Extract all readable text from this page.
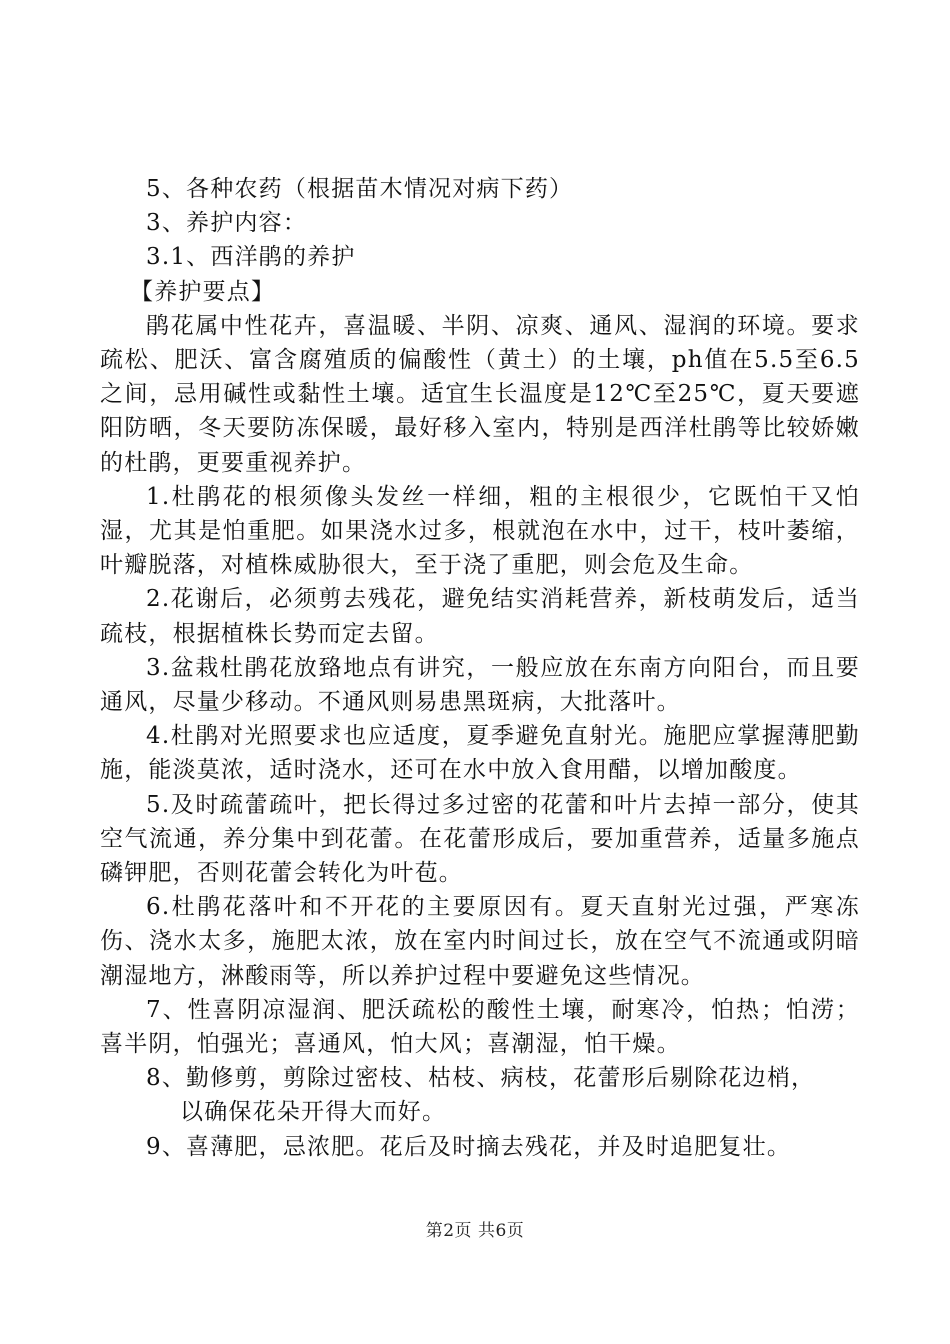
5、各种农药（根据苗木情况对病下药）

3、养护内容：

3.1、西洋鹃的养护

【养护要点】

鹃花属中性花卉，喜温暖、半阴、凉爽、通风、湿润的环境。要求疏松、肥沃、富含腐殖质的偏酸性（黄土）的土壤，ph值在5.5至6.5之间，忌用碱性或黏性土壤。适宜生长温度是12℃至25℃，夏天要遮阳防晒，冬天要防冻保暖，最好移入室内，特别是西洋杜鹃等比较娇嫩的杜鹃，更要重视养护。

1.杜鹃花的根须像头发丝一样细，粗的主根很少，它既怕干又怕湿，尤其是怕重肥。如果浇水过多，根就泡在水中，过干，枝叶萎缩，叶瓣脱落，对植株威胁很大，至于浇了重肥，则会危及生命。

2.花谢后，必须剪去残花，避免结实消耗营养，新枝萌发后，适当疏枝，根据植株长势而定去留。

3.盆栽杜鹃花放臵地点有讲究，一般应放在东南方向阳台，而且要通风，尽量少移动。不通风则易患黑斑病，大批落叶。

4.杜鹃对光照要求也应适度，夏季避免直射光。施肥应掌握薄肥勤施，能淡莫浓，适时浇水，还可在水中放入食用醋，以增加酸度。

5.及时疏蕾疏叶，把长得过多过密的花蕾和叶片去掉一部分，使其空气流通，养分集中到花蕾。在花蕾形成后，要加重营养，适量多施点磷钾肥，否则花蕾会转化为叶苞。

6.杜鹃花落叶和不开花的主要原因有。夏天直射光过强，严寒冻伤、浇水太多，施肥太浓，放在室内时间过长，放在空气不流通或阴暗潮湿地方，淋酸雨等，所以养护过程中要避免这些情况。

7、性喜阴凉湿润、肥沃疏松的酸性土壤，耐寒冷，怕热；怕涝；喜半阴，怕强光；喜通风，怕大风；喜潮湿，怕干燥。

8、勤修剪，剪除过密枝、枯枝、病枝，花蕾形后剔除花边梢，

以确保花朵开得大而好。

9、喜薄肥，忌浓肥。花后及时摘去残花，并及时追肥复壮。

第2页 共6页
